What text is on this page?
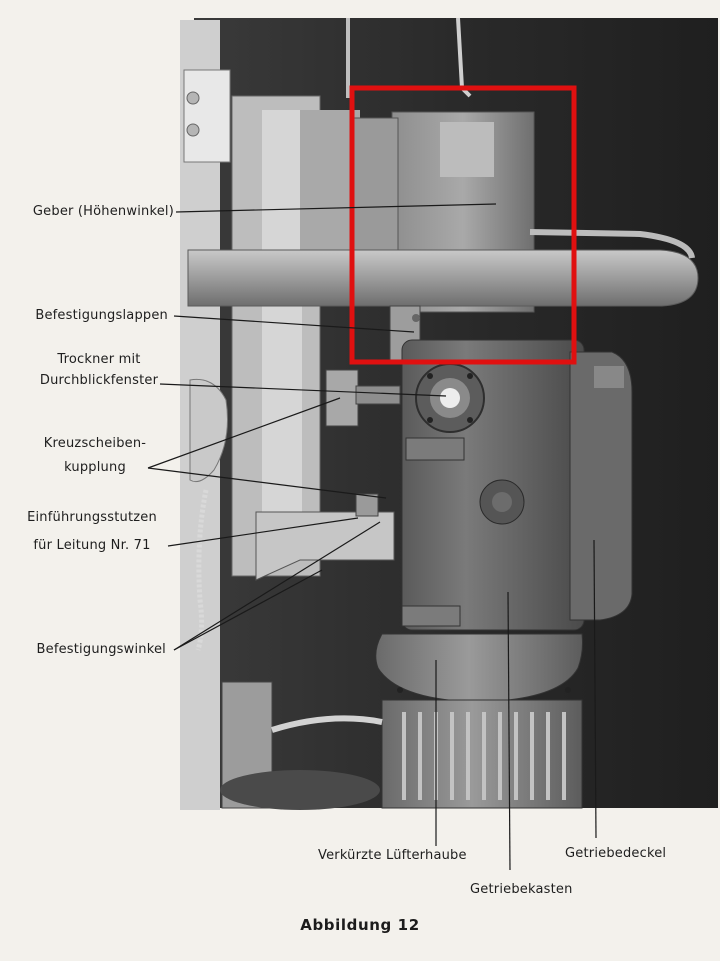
Geber (Höhenwinkel)
Befestigungslappen
Trockner mit
Durchblickfenster
Kreuzscheiben-
kupplung
Einführungsstutzen
für Leitung Nr. 71
Befestigungswinkel
Verkürzte Lüfterhaube
Getriebekasten
Getriebedeckel
Abbildung 12
